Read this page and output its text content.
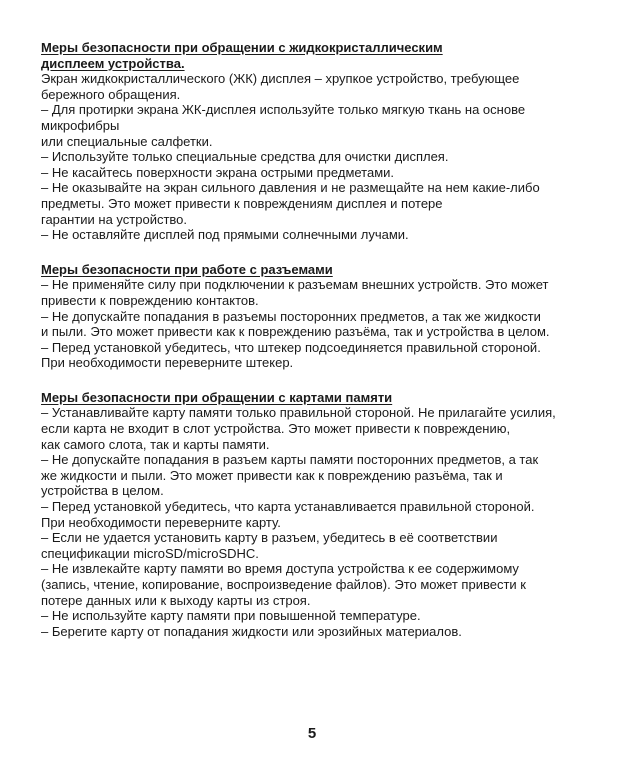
Меры безопасности при обращении с жидкокристаллическим дисплеем устройства.

Экран жидкокристаллического (ЖК) дисплея – хрупкое устройство, требующее

бережного обращения.

– Для протирки экрана ЖК-дисплея используйте только мягкую ткань на основе

микрофибры

или специальные салфетки.

– Используйте только специальные средства для очистки дисплея.

– Не касайтесь поверхности экрана острыми предметами.

– Не оказывайте на экран сильного давления и не размещайте на нем какие-либо

предметы. Это может привести к повреждениям дисплея и потере

гарантии на устройство.

– Не оставляйте дисплей под прямыми солнечными лучами.

Меры безопасности при работе с разъемами

– Не применяйте силу при подключении к разъемам внешних устройств. Это может

привести к повреждению контактов.

– Не допускайте попадания в разъемы посторонних предметов, а так же жидкости

и пыли. Это может привести как к повреждению разъёма, так и устройства в целом.

– Перед установкой убедитесь, что штекер подсоединяется правильной стороной.

При необходимости переверните штекер.

Меры безопасности при обращении с картами памяти

– Устанавливайте карту памяти только правильной стороной. Не прилагайте усилия,

если карта не входит в слот устройства. Это может привести к повреждению,

как самого слота, так и карты памяти.

– Не допускайте попадания в разъем карты памяти посторонних предметов, а так

же жидкости и пыли. Это может привести как к повреждению разъёма, так и

устройства в целом.

– Перед установкой убедитесь, что карта устанавливается правильной стороной.

При необходимости переверните карту.

– Если не удается установить карту в разъем, убедитесь в её соответствии

спецификации microSD/microSDHC.

– Не извлекайте карту памяти во время доступа устройства к ее содержимому

(запись, чтение, копирование, воспроизведение файлов). Это может привести к

потере данных или к выходу карты из строя.

– Не используйте карту памяти при повышенной температуре.

– Берегите карту от попадания жидкости или эрозийных материалов.

5
